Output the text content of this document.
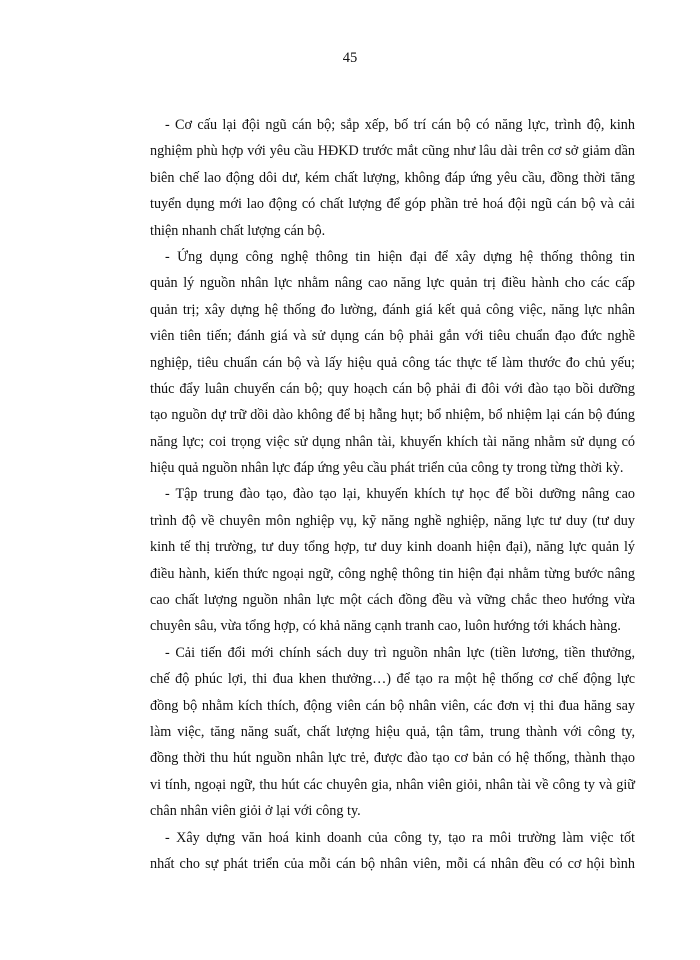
45
- Cơ cấu lại đội ngũ cán bộ; sắp xếp, bố trí cán bộ có năng lực, trình độ, kinh
nghiệm phù hợp với yêu cầu HĐKD trước mắt cũng như lâu dài trên cơ sở giảm dần
biên chế lao động dôi dư, kém chất lượng, không đáp ứng yêu cầu, đồng thời tăng
tuyển dụng mới lao động có chất lượng để góp phần trẻ hoá đội ngũ cán bộ và cải
thiện nhanh chất lượng cán bộ.
- Ứng dụng công nghệ thông tin hiện đại để xây dựng hệ thống thông tin
quản lý nguồn nhân lực nhằm nâng cao năng lực quản trị điều hành cho các cấp
quản trị; xây dựng hệ thống đo lường, đánh giá kết quả công việc, năng lực nhân
viên tiên tiến; đánh giá và sử dụng cán bộ phải gắn với tiêu chuẩn đạo đức nghề
nghiệp, tiêu chuẩn cán bộ và lấy hiệu quả công tác thực tế làm thước đo chủ yếu;
thúc đẩy luân chuyển cán bộ; quy hoạch cán bộ phải đi đôi với đào tạo bồi dưỡng
tạo nguồn dự trữ dồi dào không để bị hẫng hụt; bổ nhiệm, bổ nhiệm lại cán bộ đúng
năng lực; coi trọng việc sử dụng nhân tài, khuyến khích tài năng nhằm sử dụng có
hiệu quả nguồn nhân lực đáp ứng yêu cầu phát triển của công ty trong từng thời kỳ.
- Tập trung đào tạo, đào tạo lại, khuyến khích tự học để bồi dưỡng nâng cao
trình độ về chuyên môn nghiệp vụ, kỹ năng nghề nghiệp, năng lực tư duy (tư duy
kinh tế thị trường, tư duy tổng hợp, tư duy kinh doanh hiện đại), năng lực quản lý
điều hành, kiến thức ngoại ngữ, công nghệ thông tin hiện đại nhằm từng bước nâng
cao chất lượng nguồn nhân lực một cách đồng đều và vững chắc theo hướng vừa
chuyên sâu, vừa tổng hợp, có khả năng cạnh tranh cao, luôn hướng tới khách hàng.
- Cải tiến đổi mới chính sách duy trì nguồn nhân lực (tiền lương, tiền thưởng,
chế độ phúc lợi, thi đua khen thưởng…) để tạo ra một hệ thống cơ chế động lực
đồng bộ nhằm kích thích, động viên cán bộ nhân viên, các đơn vị thi đua hăng say
làm việc, tăng năng suất, chất lượng hiệu quả, tận tâm, trung thành với công ty,
đồng thời thu hút nguồn nhân lực trẻ, được đào tạo cơ bản có hệ thống, thành thạo
vi tính, ngoại ngữ, thu hút các chuyên gia, nhân viên giỏi, nhân tài về công ty và giữ
chân nhân viên giỏi ở lại với công ty.
- Xây dựng văn hoá kinh doanh của công ty, tạo ra môi trường làm việc tốt
nhất cho sự phát triển của mỗi cán bộ nhân viên, mỗi cá nhân đều có cơ hội bình
